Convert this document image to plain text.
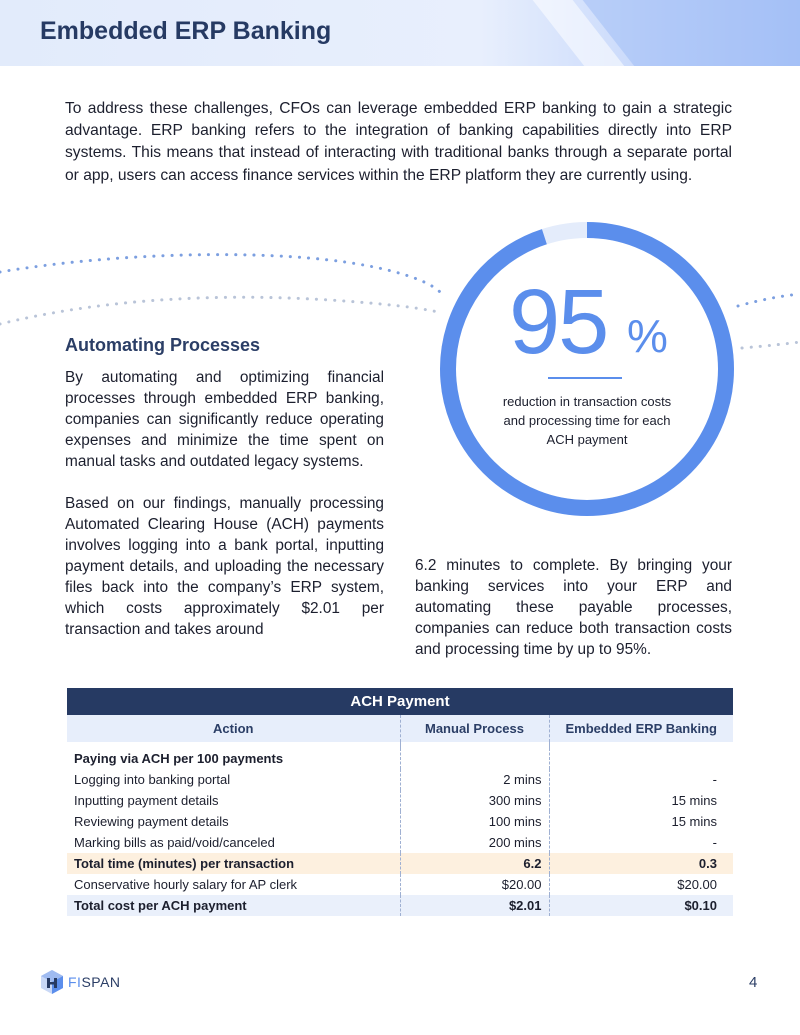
Embedded ERP Banking
To address these challenges, CFOs can leverage embedded ERP banking to gain a strategic advantage. ERP banking refers to the integration of banking capabilities directly into ERP systems. This means that instead of interacting with traditional banks through a separate portal or app, users can access finance services within the ERP platform they are currently using.
Automating Processes

By automating and optimizing financial processes through embedded ERP banking, companies can significantly reduce operating expenses and minimize the time spent on manual tasks and outdated legacy systems.

Based on our findings, manually processing Automated Clearing House (ACH) payments involves logging into a bank portal, inputting payment details, and uploading the necessary files back into the company’s ERP system, which costs approximately $2.01 per transaction and takes around

6.2 minutes to complete. By bringing your banking services into your ERP and automating these payable processes, companies can reduce both transaction costs and processing time by up to 95%.
95 %
reduction in transaction costs and processing time for each ACH payment
ACH Payment		
Action	Manual Process	Embedded ERP Banking

Paying via ACH per 100 payments		
Logging into banking portal	2 mins	-
Inputting payment details	300 mins	15 mins
Reviewing payment details	100 mins	15 mins
Marking bills as paid/void/canceled	200 mins	-
Total time (minutes) per transaction	6.2	0.3
Conservative hourly salary for AP clerk	$20.00	$20.00
Total cost per ACH payment	$2.01	$0.10
FISPAN	4
